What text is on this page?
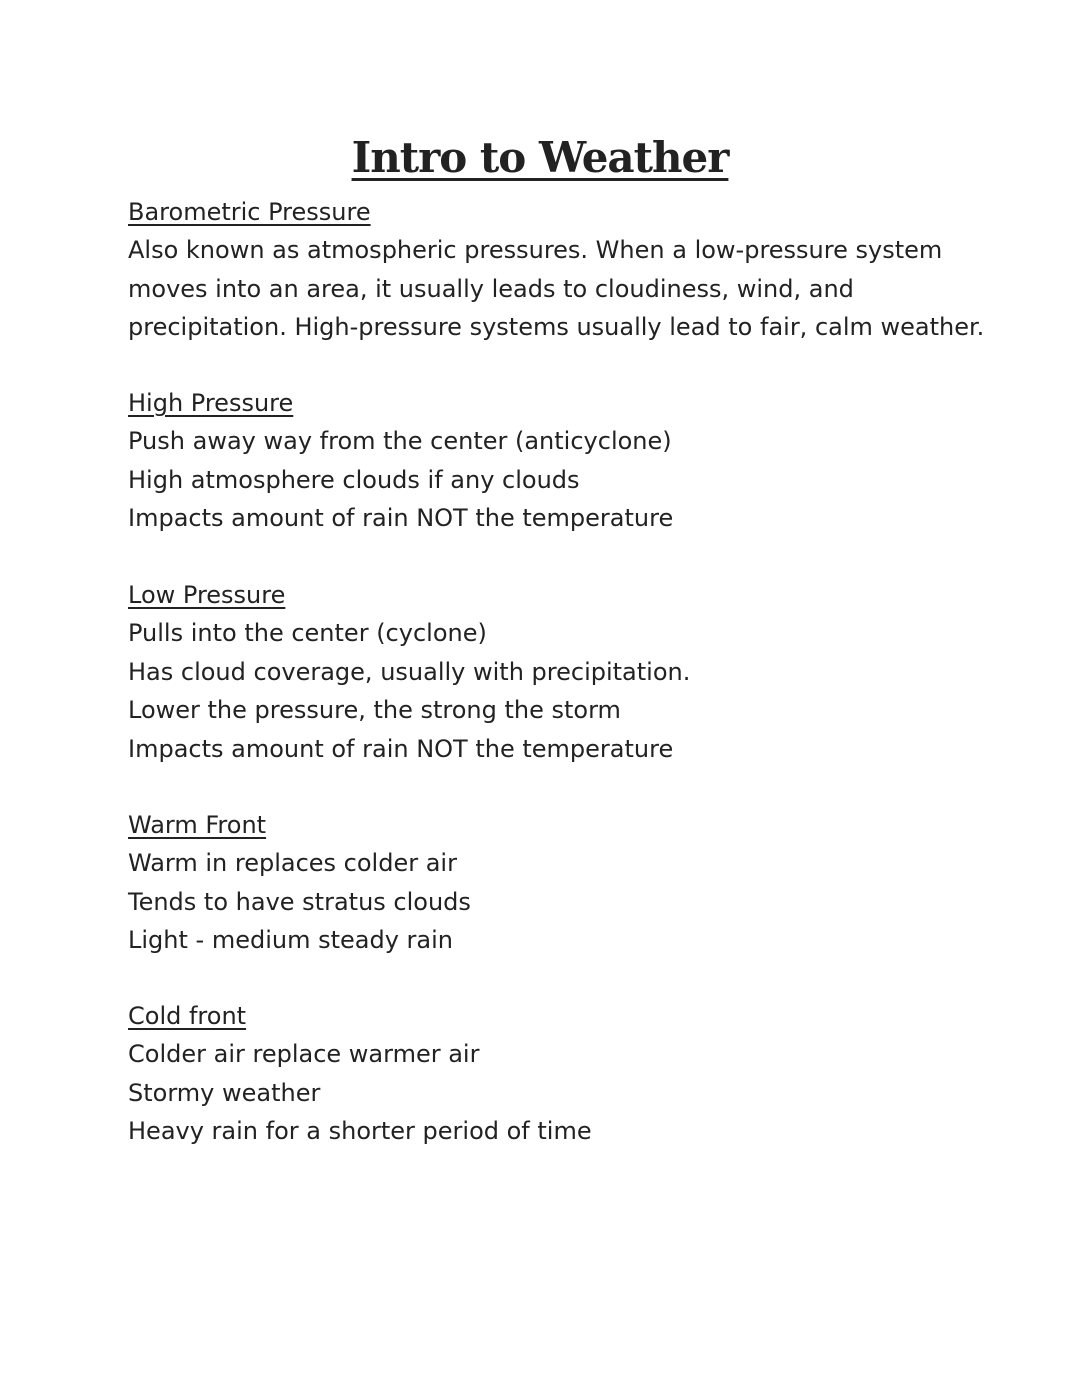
Intro to Weather
Barometric Pressure

Also known as atmospheric pressures. When a low-pressure system
moves into an area, it usually leads to cloudiness, wind, and
precipitation. High-pressure systems usually lead to fair, calm weather.

High Pressure

Push away way from the center (anticyclone)

High atmosphere clouds if any clouds

Impacts amount of rain NOT the temperature

Low Pressure

Pulls into the center (cyclone)

Has cloud coverage, usually with precipitation.

Lower the pressure, the strong the storm

Impacts amount of rain NOT the temperature

Warm Front

Warm in replaces colder air

Tends to have stratus clouds

Light - medium steady rain

Cold front

Colder air replace warmer air

Stormy weather

Heavy rain for a shorter period of time
